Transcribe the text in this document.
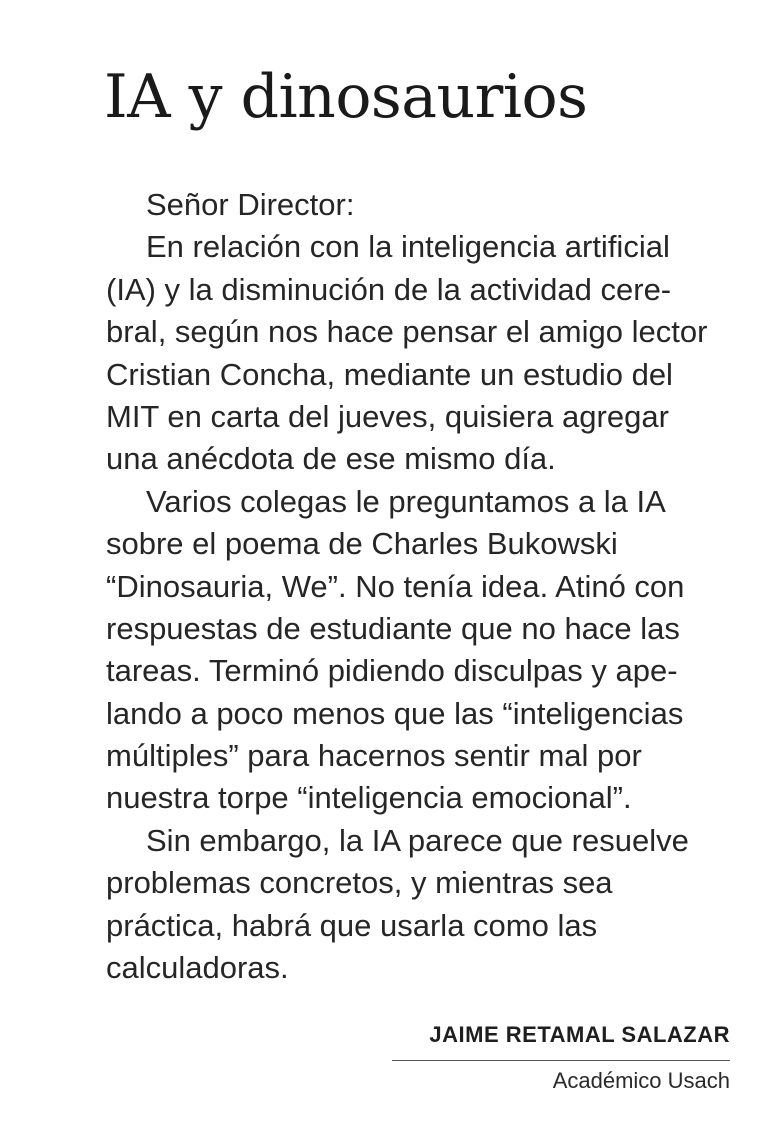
IA y dinosaurios
Señor Director:
En relación con la inteligencia artificial
(IA) y la disminución de la actividad cere-
bral, según nos hace pensar el amigo lector
Cristian Concha, mediante un estudio del
MIT en carta del jueves, quisiera agregar
una anécdota de ese mismo día.
Varios colegas le preguntamos a la IA
sobre el poema de Charles Bukowski
“Dinosauria, We”. No tenía idea. Atinó con
respuestas de estudiante que no hace las
tareas. Terminó pidiendo disculpas y ape-
lando a poco menos que las “inteligencias
múltiples” para hacernos sentir mal por
nuestra torpe “inteligencia emocional”.
Sin embargo, la IA parece que resuelve
problemas concretos, y mientras sea
práctica, habrá que usarla como las
calculadoras.
JAIME RETAMAL SALAZAR
Académico Usach
